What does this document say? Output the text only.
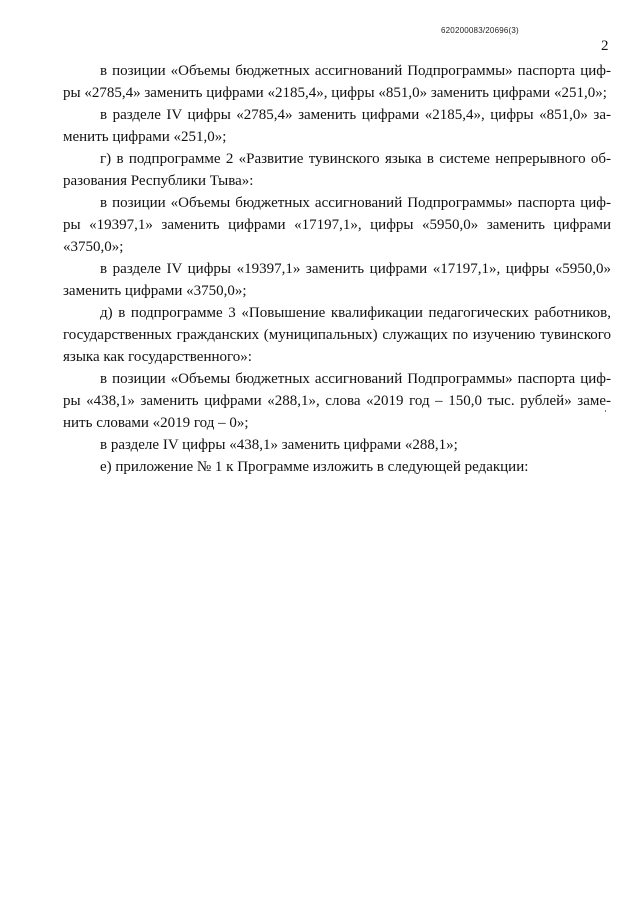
620200083/20696(3)
2

в позиции «Объемы бюджетных ассигнований Подпрограммы» паспорта циф-
ры «2785,4» заменить цифрами «2185,4», цифры «851,0» заменить цифрами «251,0»;

в разделе IV цифры «2785,4» заменить цифрами «2185,4», цифры «851,0» за-
менить цифрами «251,0»;

г) в подпрограмме 2 «Развитие тувинского языка в системе непрерывного об-
разования Республики Тыва»:

в позиции «Объемы бюджетных ассигнований Подпрограммы» паспорта циф-
ры «19397,1» заменить цифрами «17197,1», цифры «5950,0» заменить цифрами
«3750,0»;

в разделе IV цифры «19397,1» заменить цифрами «17197,1», цифры «5950,0»
заменить цифрами «3750,0»;

д) в подпрограмме 3 «Повышение квалификации педагогических работников,
государственных гражданских (муниципальных) служащих по изучению тувинского
языка как государственного»:

в позиции «Объемы бюджетных ассигнований Подпрограммы» паспорта циф-
ры «438,1» заменить цифрами «288,1», слова «2019 год – 150,0 тыс. рублей» заме-
нить словами «2019 год – 0»;

в разделе IV цифры «438,1» заменить цифрами «288,1»;

е) приложение № 1 к Программе изложить в следующей редакции:
